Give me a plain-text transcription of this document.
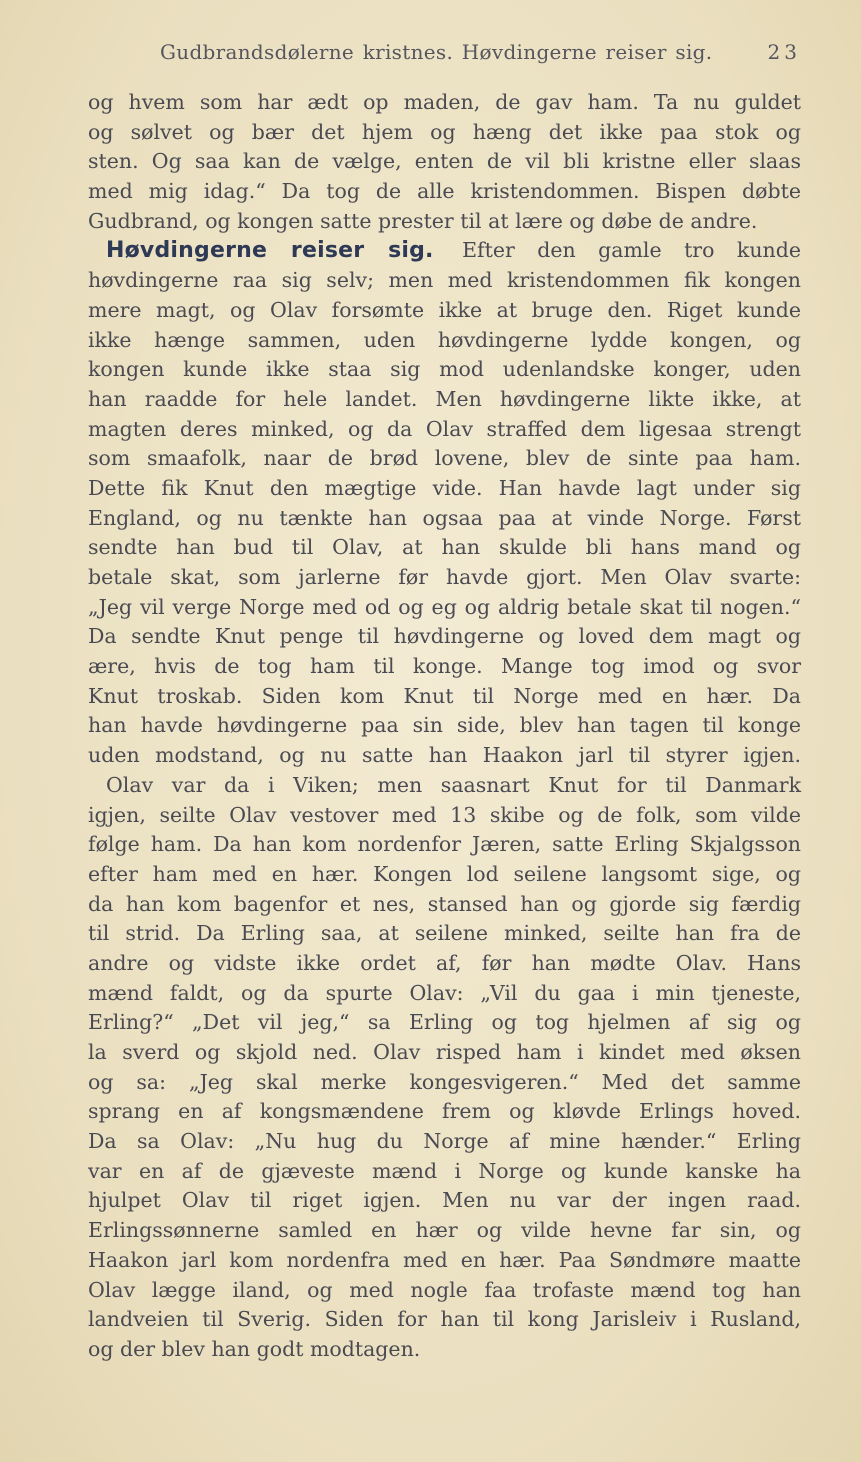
Gudbrandsdølerne kristnes. Høvdingerne reiser sig.	23
og hvem som har ædt op maden, de gav ham. Ta nu guldet
og sølvet og bær det hjem og hæng det ikke paa stok og
sten. Og saa kan de vælge, enten de vil bli kristne eller slaas
med mig idag.“ Da tog de alle kristendommen. Bispen døbte
Gudbrand, og kongen satte prester til at lære og døbe de andre.
Høvdingerne reiser sig. Efter den gamle tro kunde
høvdingerne raa sig selv; men med kristendommen fik kongen
mere magt, og Olav forsømte ikke at bruge den. Riget kunde
ikke hænge sammen, uden høvdingerne lydde kongen, og
kongen kunde ikke staa sig mod udenlandske konger, uden
han raadde for hele landet. Men høvdingerne likte ikke, at
magten deres minked, og da Olav straffed dem ligesaa strengt
som smaafolk, naar de brød lovene, blev de sinte paa ham.
Dette fik Knut den mægtige vide. Han havde lagt under sig
England, og nu tænkte han ogsaa paa at vinde Norge. Først
sendte han bud til Olav, at han skulde bli hans mand og
betale skat, som jarlerne før havde gjort. Men Olav svarte:
„Jeg vil verge Norge med od og eg og aldrig betale skat til nogen.“
Da sendte Knut penge til høvdingerne og loved dem magt og
ære, hvis de tog ham til konge. Mange tog imod og svor
Knut troskab. Siden kom Knut til Norge med en hær. Da
han havde høvdingerne paa sin side, blev han tagen til konge
uden modstand, og nu satte han Haakon jarl til styrer igjen.
Olav var da i Viken; men saasnart Knut for til Danmark
igjen, seilte Olav vestover med 13 skibe og de folk, som vilde
følge ham. Da han kom nordenfor Jæren, satte Erling Skjalgsson
efter ham med en hær. Kongen lod seilene langsomt sige, og
da han kom bagenfor et nes, stansed han og gjorde sig færdig
til strid. Da Erling saa, at seilene minked, seilte han fra de
andre og vidste ikke ordet af, før han mødte Olav. Hans
mænd faldt, og da spurte Olav: „Vil du gaa i min tjeneste,
Erling?“ „Det vil jeg,“ sa Erling og tog hjelmen af sig og
la sverd og skjold ned. Olav risped ham i kindet med øksen
og sa: „Jeg skal merke kongesvigeren.“ Med det samme
sprang en af kongsmændene frem og kløvde Erlings hoved.
Da sa Olav: „Nu hug du Norge af mine hænder.“ Erling
var en af de gjæveste mænd i Norge og kunde kanske ha
hjulpet Olav til riget igjen. Men nu var der ingen raad.
Erlingssønnerne samled en hær og vilde hevne far sin, og
Haakon jarl kom nordenfra med en hær. Paa Søndmøre maatte
Olav lægge iland, og med nogle faa trofaste mænd tog han
landveien til Sverig. Siden for han til kong Jarisleiv i Rusland,
og der blev han godt modtagen.
